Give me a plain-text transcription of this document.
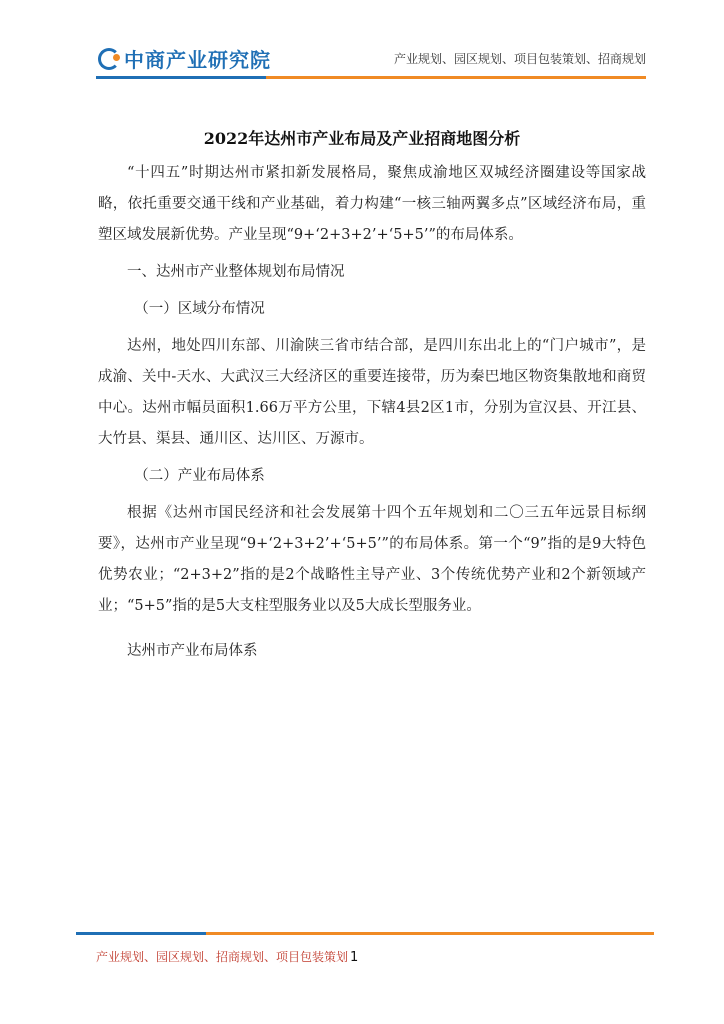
中商产业研究院	产业规划、园区规划、项目包装策划、招商规划
2022年达州市产业布局及产业招商地图分析

“十四五”时期达州市紧扣新发展格局，聚焦成渝地区双城经济圈建设等国家战略，依托重要交通干线和产业基础，着力构建“一核三轴两翼多点”区域经济布局，重塑区域发展新优势。产业呈现“9+‘2+3+2’+‘5+5’”的布局体系。

一、达州市产业整体规划布局情况

（一）区域分布情况

达州，地处四川东部、川渝陕三省市结合部，是四川东出北上的“门户城市”，是成渝、关中-天水、大武汉三大经济区的重要连接带，历为秦巴地区物资集散地和商贸中心。达州市幅员面积1.66万平方公里，下辖4县2区1市，分别为宣汉县、开江县、大竹县、渠县、通川区、达川区、万源市。

（二）产业布局体系

根据《达州市国民经济和社会发展第十四个五年规划和二〇三五年远景目标纲要》，达州市产业呈现“9+‘2+3+2’+‘5+5’”的布局体系。第一个“9”指的是9大特色优势农业；“2+3+2”指的是2个战略性主导产业、3个传统优势产业和2个新领域产业；“5+5”指的是5大支柱型服务业以及5大成长型服务业。

达州市产业布局体系

产业规划、园区规划、招商规划、项目包装策划 1
